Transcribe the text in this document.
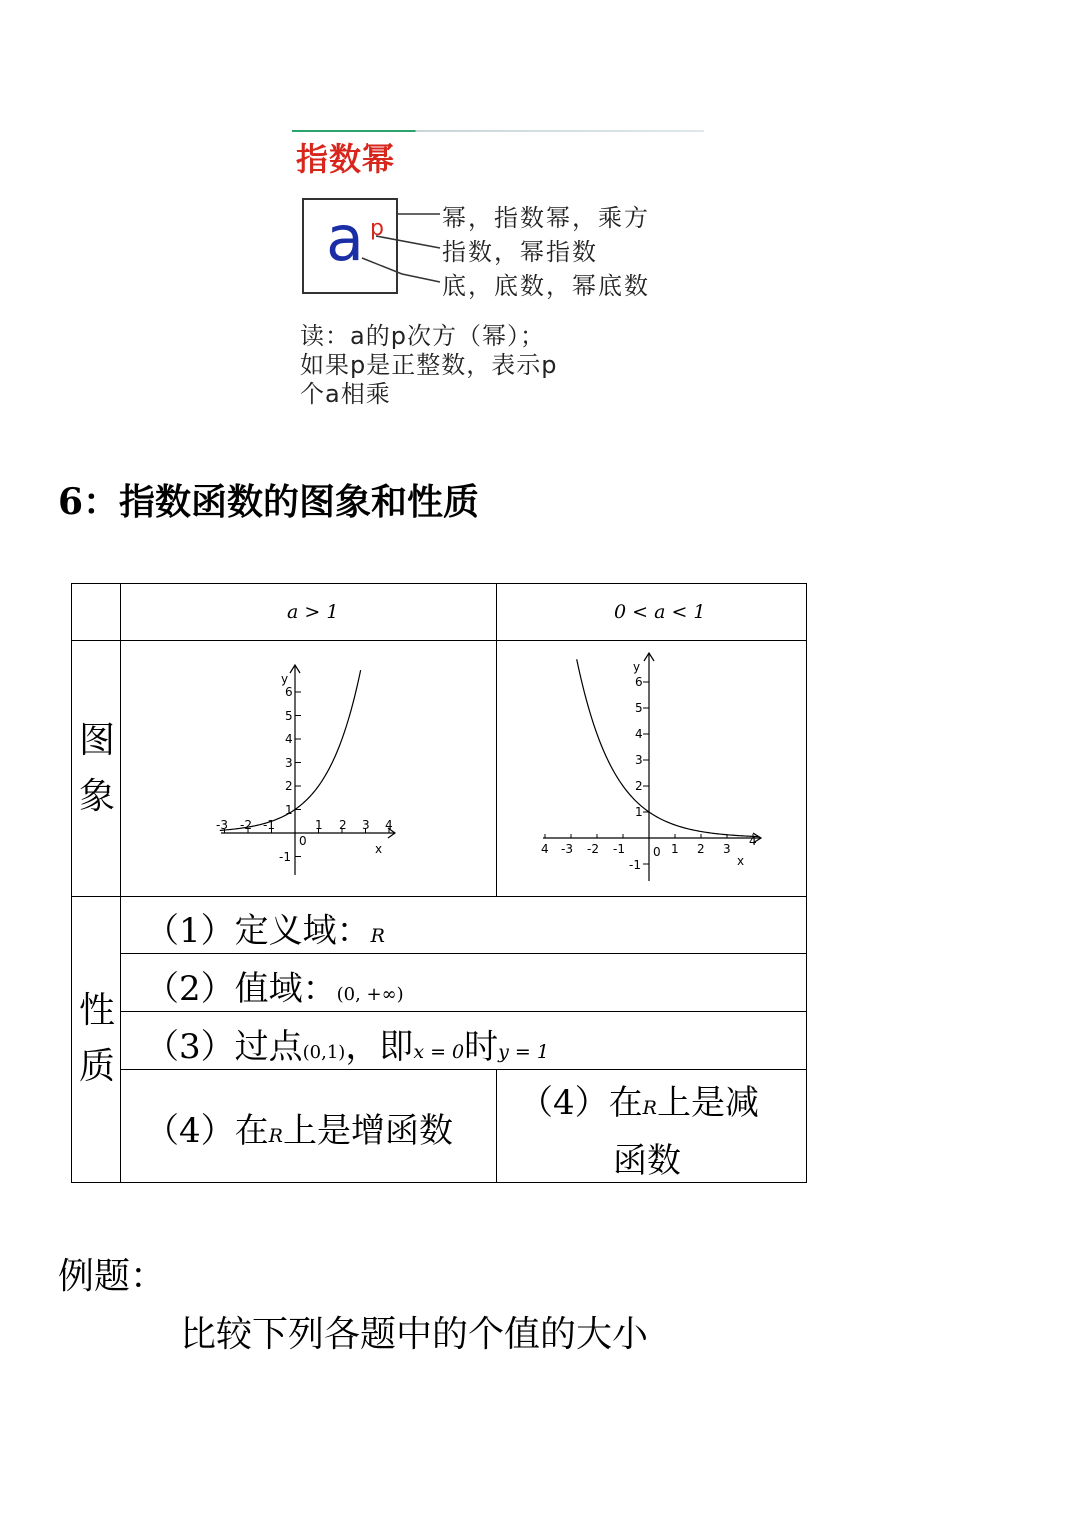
指数幂
a p 幂，指数幂，乘方
指数，幂指数
底，底数，幂底数
读：a的p次方（幂）；
如果p是正整数，表示p
个a相乘
6：指数函数的图象和性质
a > 1	0 < a < 1
图
象
性
质
-3 -2 -1
0
1 2 3 4
-1
1
2
3
4
5
6
x
y
4 -3 -2 -1 0 1 2 3
4
-1
1
2
3
4
5
6
x
y
（1）定义域：R
（2）值域：(0, +∞)
（3）过点(0,1)，即x = 0时y = 1
（4）在R上是增函数
（4）在R上是减
函数
例题：
比较下列各题中的个值的大小
